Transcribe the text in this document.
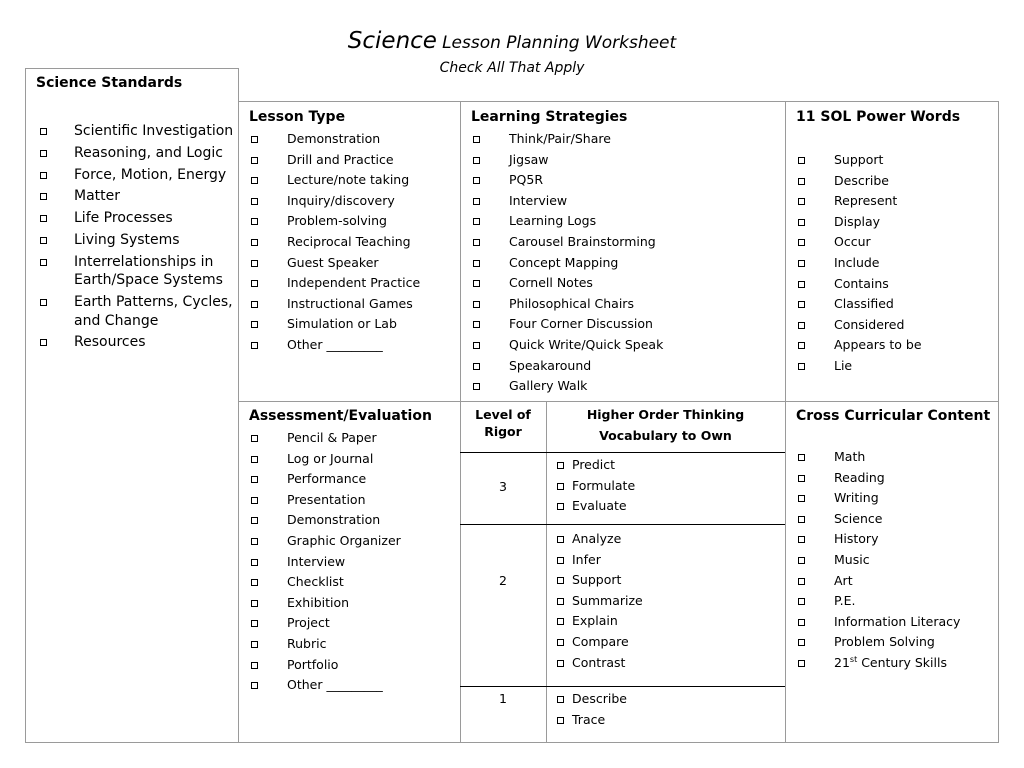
Science Lesson Planning Worksheet
Check All That Apply
Science Standards
Scientific Investigation
Reasoning, and Logic
Force, Motion, Energy
Matter
Life Processes
Living Systems
Interrelationships in Earth/Space Systems
Earth Patterns, Cycles, and Change
Resources
Lesson Type
Demonstration
Drill and Practice
Lecture/note taking
Inquiry/discovery
Problem-solving
Reciprocal Teaching
Guest Speaker
Independent Practice
Instructional Games
Simulation or Lab
Other _________
Learning Strategies
Think/Pair/Share
Jigsaw
PQ5R
Interview
Learning Logs
Carousel Brainstorming
Concept Mapping
Cornell Notes
Philosophical Chairs
Four Corner Discussion
Quick Write/Quick Speak
Speakaround
Gallery Walk
11 SOL Power Words
Support
Describe
Represent
Display
Occur
Include
Contains
Classified
Considered
Appears to be
Lie
Assessment/Evaluation
Pencil & Paper
Log or Journal
Performance
Presentation
Demonstration
Graphic Organizer
Interview
Checklist
Exhibition
Project
Rubric
Portfolio
Other _________
Level of
Rigor
Higher Order Thinking
Vocabulary to Own
3
Predict
Formulate
Evaluate
2
Analyze
Infer
Support
Summarize
Explain
Compare
Contrast
1	Describe
Trace
Cross Curricular Content
Math
Reading
Writing
Science
History
Music
Art
P.E.
Information Literacy
Problem Solving
21st Century Skills
